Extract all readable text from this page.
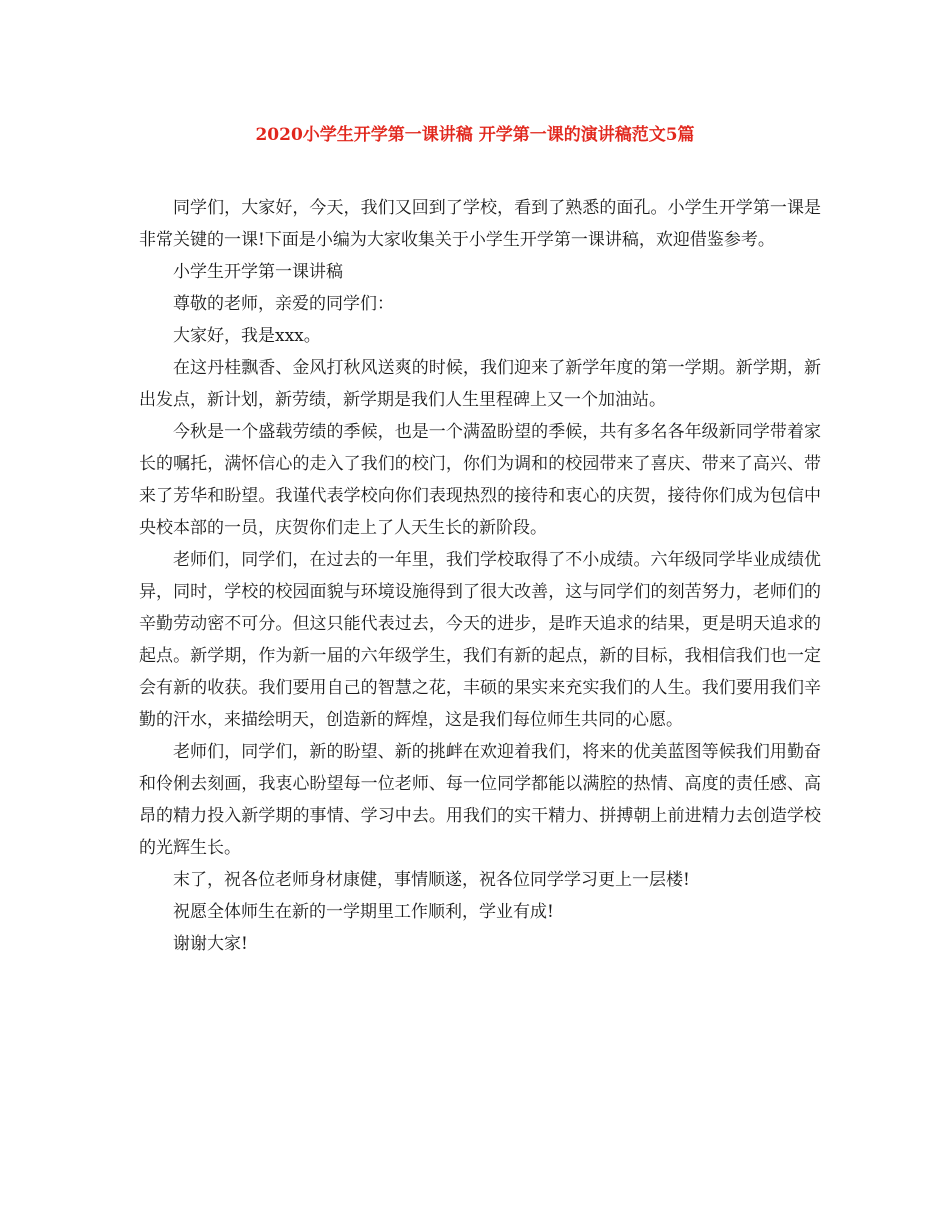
2020小学生开学第一课讲稿 开学第一课的演讲稿范文5篇

同学们，大家好，今天，我们又回到了学校，看到了熟悉的面孔。小学生开学第一课是非常关键的一课!下面是小编为大家收集关于小学生开学第一课讲稿，欢迎借鉴参考。

小学生开学第一课讲稿

尊敬的老师，亲爱的同学们：

大家好，我是xxx。

在这丹桂飘香、金风打秋风送爽的时候，我们迎来了新学年度的第一学期。新学期，新出发点，新计划，新劳绩，新学期是我们人生里程碑上又一个加油站。

今秋是一个盛载劳绩的季候，也是一个满盈盼望的季候，共有多名各年级新同学带着家长的嘱托，满怀信心的走入了我们的校门，你们为调和的校园带来了喜庆、带来了高兴、带来了芳华和盼望。我谨代表学校向你们表现热烈的接待和衷心的庆贺，接待你们成为包信中央校本部的一员，庆贺你们走上了人天生长的新阶段。

老师们，同学们，在过去的一年里，我们学校取得了不小成绩。六年级同学毕业成绩优异，同时，学校的校园面貌与环境设施得到了很大改善，这与同学们的刻苦努力，老师们的辛勤劳动密不可分。但这只能代表过去，今天的进步，是昨天追求的结果，更是明天追求的起点。新学期，作为新一届的六年级学生，我们有新的起点，新的目标，我相信我们也一定会有新的收获。我们要用自己的智慧之花，丰硕的果实来充实我们的人生。我们要用我们辛勤的汗水，来描绘明天，创造新的辉煌，这是我们每位师生共同的心愿。

老师们，同学们，新的盼望、新的挑衅在欢迎着我们，将来的优美蓝图等候我们用勤奋和伶俐去刻画，我衷心盼望每一位老师、每一位同学都能以满腔的热情、高度的责任感、高昂的精力投入新学期的事情、学习中去。用我们的实干精力、拼搏朝上前进精力去创造学校的光辉生长。

末了，祝各位老师身材康健，事情顺遂，祝各位同学学习更上一层楼!

祝愿全体师生在新的一学期里工作顺利，学业有成!

谢谢大家!
